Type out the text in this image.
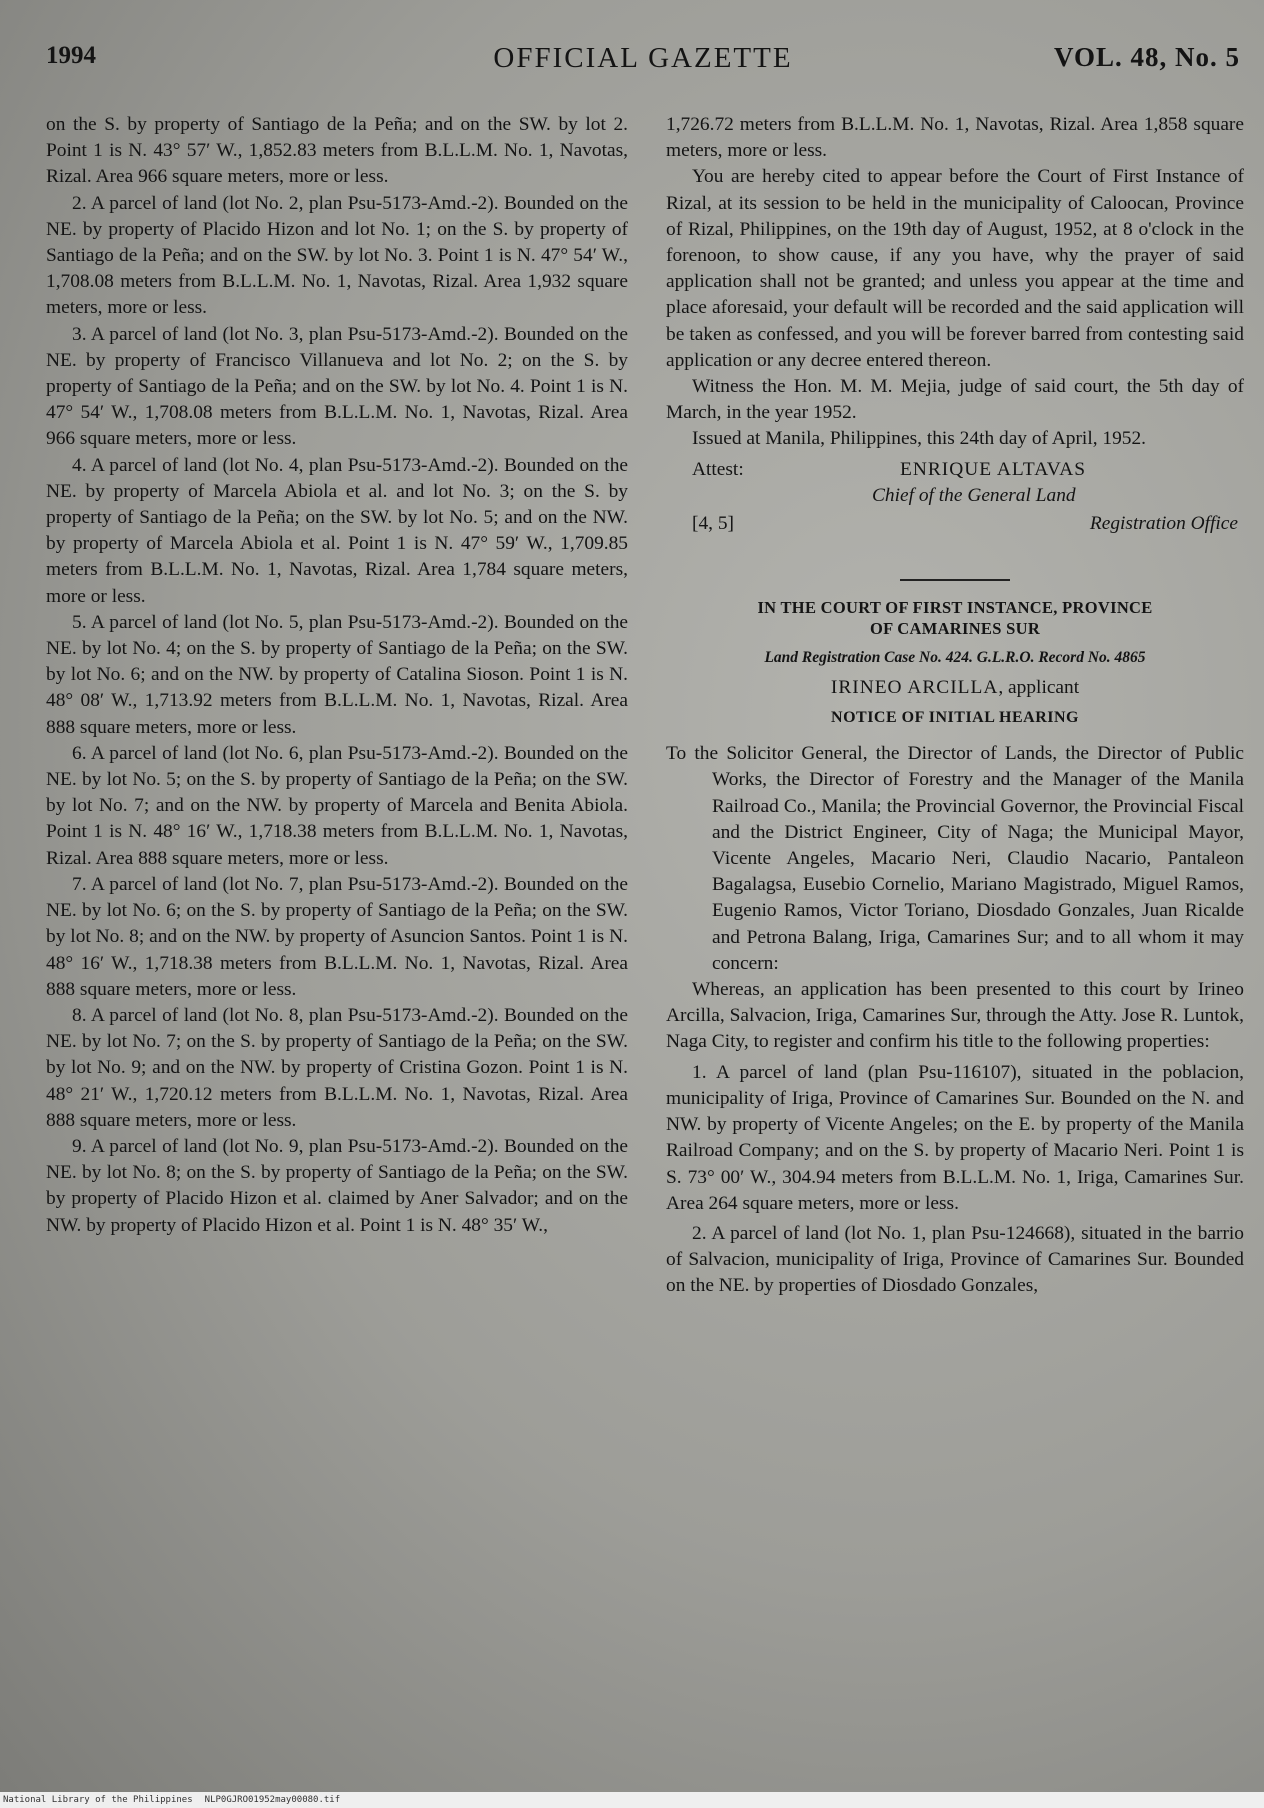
1994	OFFICIAL GAZETTE	VOL. 48, No. 5

on the S. by property of Santiago de la Peña; and on the SW. by lot 2. Point 1 is N. 43° 57′ W., 1,852.83 meters from B.L.L.M. No. 1, Navotas, Rizal. Area 966 square meters, more or less.

2. A parcel of land (lot No. 2, plan Psu-5173-Amd.-2). Bounded on the NE. by property of Placido Hizon and lot No. 1; on the S. by property of Santiago de la Peña; and on the SW. by lot No. 3. Point 1 is N. 47° 54′ W., 1,708.08 meters from B.L.L.M. No. 1, Navotas, Rizal. Area 1,932 square meters, more or less.

3. A parcel of land (lot No. 3, plan Psu-5173-Amd.-2). Bounded on the NE. by property of Francisco Villanueva and lot No. 2; on the S. by property of Santiago de la Peña; and on the SW. by lot No. 4. Point 1 is N. 47° 54′ W., 1,708.08 meters from B.L.L.M. No. 1, Navotas, Rizal. Area 966 square meters, more or less.

4. A parcel of land (lot No. 4, plan Psu-5173-Amd.-2). Bounded on the NE. by property of Marcela Abiola et al. and lot No. 3; on the S. by property of Santiago de la Peña; on the SW. by lot No. 5; and on the NW. by property of Marcela Abiola et al. Point 1 is N. 47° 59′ W., 1,709.85 meters from B.L.L.M. No. 1, Navotas, Rizal. Area 1,784 square meters, more or less.

5. A parcel of land (lot No. 5, plan Psu-5173-Amd.-2). Bounded on the NE. by lot No. 4; on the S. by property of Santiago de la Peña; on the SW. by lot No. 6; and on the NW. by property of Catalina Sioson. Point 1 is N. 48° 08′ W., 1,713.92 meters from B.L.L.M. No. 1, Navotas, Rizal. Area 888 square meters, more or less.

6. A parcel of land (lot No. 6, plan Psu-5173-Amd.-2). Bounded on the NE. by lot No. 5; on the S. by property of Santiago de la Peña; on the SW. by lot No. 7; and on the NW. by property of Marcela and Benita Abiola. Point 1 is N. 48° 16′ W., 1,718.38 meters from B.L.L.M. No. 1, Navotas, Rizal. Area 888 square meters, more or less.

7. A parcel of land (lot No. 7, plan Psu-5173-Amd.-2). Bounded on the NE. by lot No. 6; on the S. by property of Santiago de la Peña; on the SW. by lot No. 8; and on the NW. by property of Asuncion Santos. Point 1 is N. 48° 16′ W., 1,718.38 meters from B.L.L.M. No. 1, Navotas, Rizal. Area 888 square meters, more or less.

8. A parcel of land (lot No. 8, plan Psu-5173-Amd.-2). Bounded on the NE. by lot No. 7; on the S. by property of Santiago de la Peña; on the SW. by lot No. 9; and on the NW. by property of Cristina Gozon. Point 1 is N. 48° 21′ W., 1,720.12 meters from B.L.L.M. No. 1, Navotas, Rizal. Area 888 square meters, more or less.

9. A parcel of land (lot No. 9, plan Psu-5173-Amd.-2). Bounded on the NE. by lot No. 8; on the S. by property of Santiago de la Peña; on the SW. by property of Placido Hizon et al. claimed by Aner Salvador; and on the NW. by property of Placido Hizon et al. Point 1 is N. 48° 35′ W.,

1,726.72 meters from B.L.L.M. No. 1, Navotas, Rizal. Area 1,858 square meters, more or less.

You are hereby cited to appear before the Court of First Instance of Rizal, at its session to be held in the municipality of Caloocan, Province of Rizal, Philippines, on the 19th day of August, 1952, at 8 o'clock in the forenoon, to show cause, if any you have, why the prayer of said application shall not be granted; and unless you appear at the time and place aforesaid, your default will be recorded and the said application will be taken as confessed, and you will be forever barred from contesting said application or any decree entered thereon.

Witness the Hon. M. M. Mejia, judge of said court, the 5th day of March, in the year 1952.

Issued at Manila, Philippines, this 24th day of April, 1952.

Attest:	ENRIQUE ALTAVAS
Chief of the General Land
[4, 5]	Registration Office
IN THE COURT OF FIRST INSTANCE, PROVINCE
OF CAMARINES SUR
Land Registration Case No. 424. G.L.R.O. Record No. 4865
IRINEO ARCILLA, applicant
NOTICE OF INITIAL HEARING

To the Solicitor General, the Director of Lands, the Director of Public Works, the Director of Forestry and the Manager of the Manila Railroad Co., Manila; the Provincial Governor, the Provincial Fiscal and the District Engineer, City of Naga; the Municipal Mayor, Vicente Angeles, Macario Neri, Claudio Nacario, Pantaleon Bagalagsa, Eusebio Cornelio, Mariano Magistrado, Miguel Ramos, Eugenio Ramos, Victor Toriano, Diosdado Gonzales, Juan Ricalde and Petrona Balang, Iriga, Camarines Sur; and to all whom it may concern:

Whereas, an application has been presented to this court by Irineo Arcilla, Salvacion, Iriga, Camarines Sur, through the Atty. Jose R. Luntok, Naga City, to register and confirm his title to the following properties:

1. A parcel of land (plan Psu-116107), situated in the poblacion, municipality of Iriga, Province of Camarines Sur. Bounded on the N. and NW. by property of Vicente Angeles; on the E. by property of the Manila Railroad Company; and on the S. by property of Macario Neri. Point 1 is S. 73° 00′ W., 304.94 meters from B.L.L.M. No. 1, Iriga, Camarines Sur. Area 264 square meters, more or less.

2. A parcel of land (lot No. 1, plan Psu-124668), situated in the barrio of Salvacion, municipality of Iriga, Province of Camarines Sur. Bounded on the NE. by properties of Diosdado Gonzales,

National Library of the Philippines NLP0GJRO01952may00080.tif
